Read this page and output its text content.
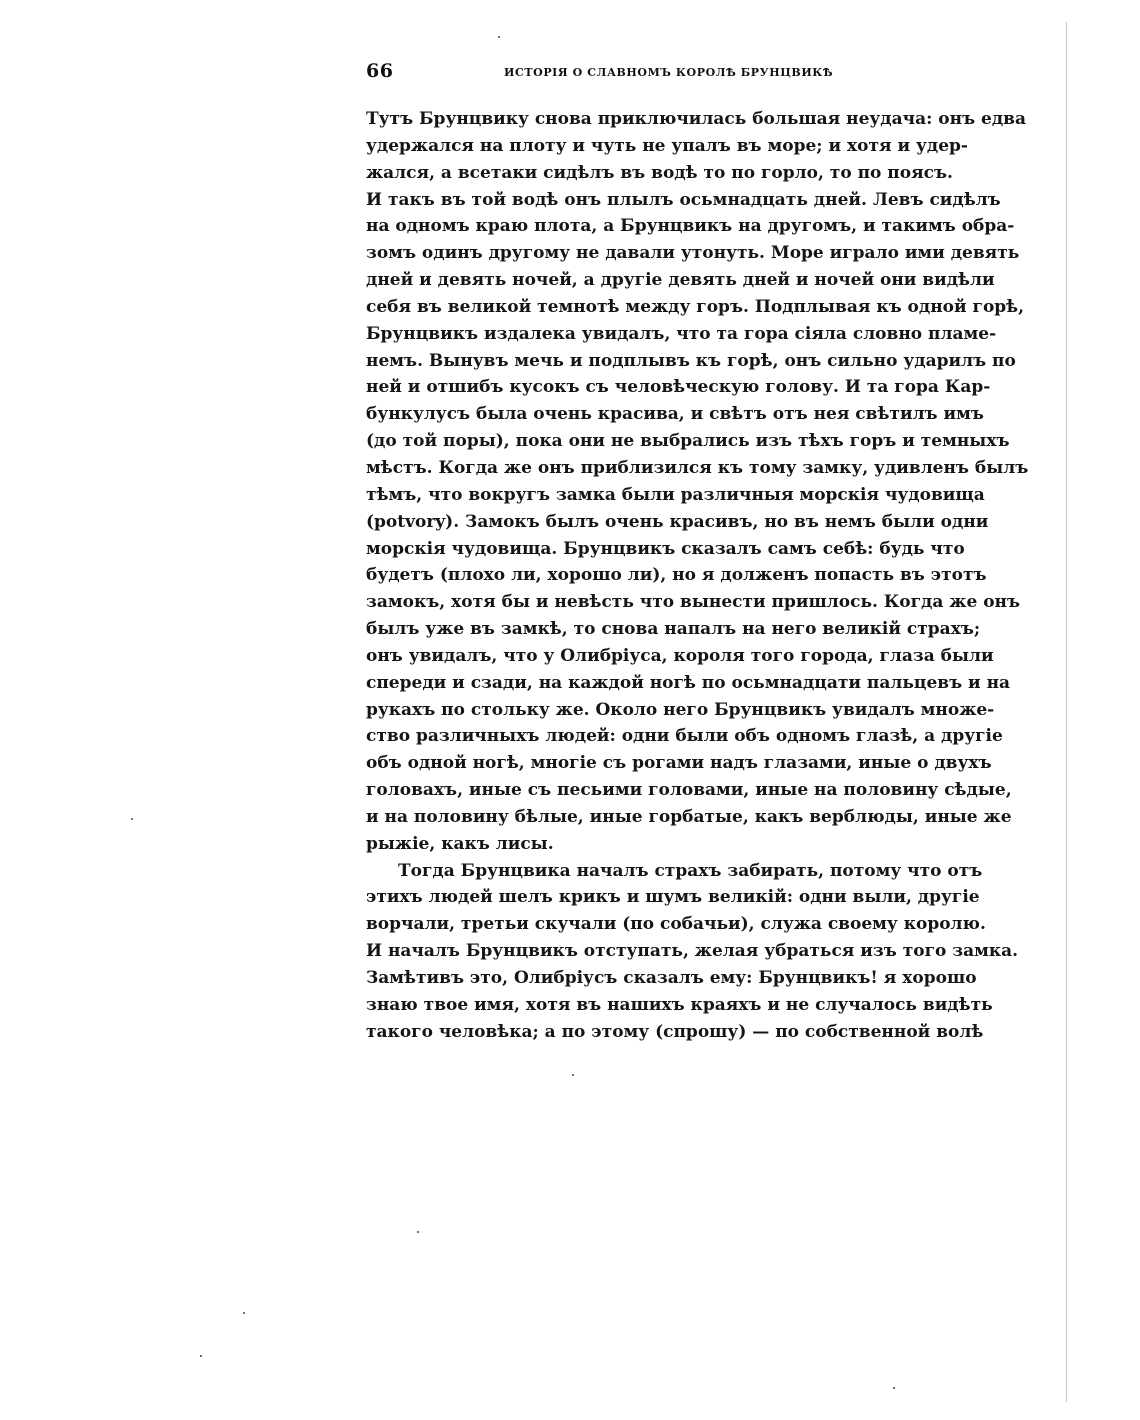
66	ИСТОРІЯ О СЛАВНОМЪ КОРОЛѢ БРУНЦВИКѢ
Тутъ Брунцвику снова приключилась большая неудача: онъ едва
удержался на плоту и чуть не упалъ въ море; и хотя и удер-
жался, а всетаки сидѣлъ въ водѣ то по горло, то по поясъ.
И такъ въ той водѣ онъ плылъ осьмнадцать дней. Левъ сидѣлъ
на одномъ краю плота, а Брунцвикъ на другомъ, и такимъ обра-
зомъ одинъ другому не давали утонуть. Море играло ими девять
дней и девять ночей, а другіе девять дней и ночей они видѣли
себя въ великой темнотѣ между горъ. Подплывая къ одной горѣ,
Брунцвикъ издалека увидалъ, что та гора сіяла словно пламе-
немъ. Вынувъ мечь и подплывъ къ горѣ, онъ сильно ударилъ по
ней и отшибъ кусокъ съ человѣческую голову. И та гора Кар-
бункулусъ была очень красива, и свѣтъ отъ нея свѣтилъ имъ
(до той поры), пока они не выбрались изъ тѣхъ горъ и темныхъ
мѣстъ. Когда же онъ приблизился къ тому замку, удивленъ былъ
тѣмъ, что вокругъ замка были различныя морскія чудовища
(potvory). Замокъ былъ очень красивъ, но въ немъ были одни
морскія чудовища. Брунцвикъ сказалъ самъ себѣ: будь что
будетъ (плохо ли, хорошо ли), но я долженъ попасть въ этотъ
замокъ, хотя бы и невѣсть что вынести пришлось. Когда же онъ
былъ уже въ замкѣ, то снова напалъ на него великій страхъ;
онъ увидалъ, что у Олибріуса, короля того города, глаза были
спереди и сзади, на каждой ногѣ по осьмнадцати пальцевъ и на
рукахъ по стольку же. Около него Брунцвикъ увидалъ множе-
ство различныхъ людей: одни были объ одномъ глазѣ, а другіе
объ одной ногѣ, многіе съ рогами надъ глазами, иные о двухъ
головахъ, иные съ песьими головами, иные на половину сѣдые,
и на половину бѣлые, иные горбатые, какъ верблюды, иные же
рыжіе, какъ лисы.
Тогда Брунцвика началъ страхъ забирать, потому что отъ
этихъ людей шелъ крикъ и шумъ великій: одни выли, другіе
ворчали, третьи скучали (по собачьи), служа своему королю.
И началъ Брунцвикъ отступать, желая убраться изъ того замка.
Замѣтивъ это, Олибріусъ сказалъ ему: Брунцвикъ! я хорошо
знаю твое имя, хотя въ нашихъ краяхъ и не случалось видѣть
такого человѣка; а по этому (спрошу) — по собственной волѣ
